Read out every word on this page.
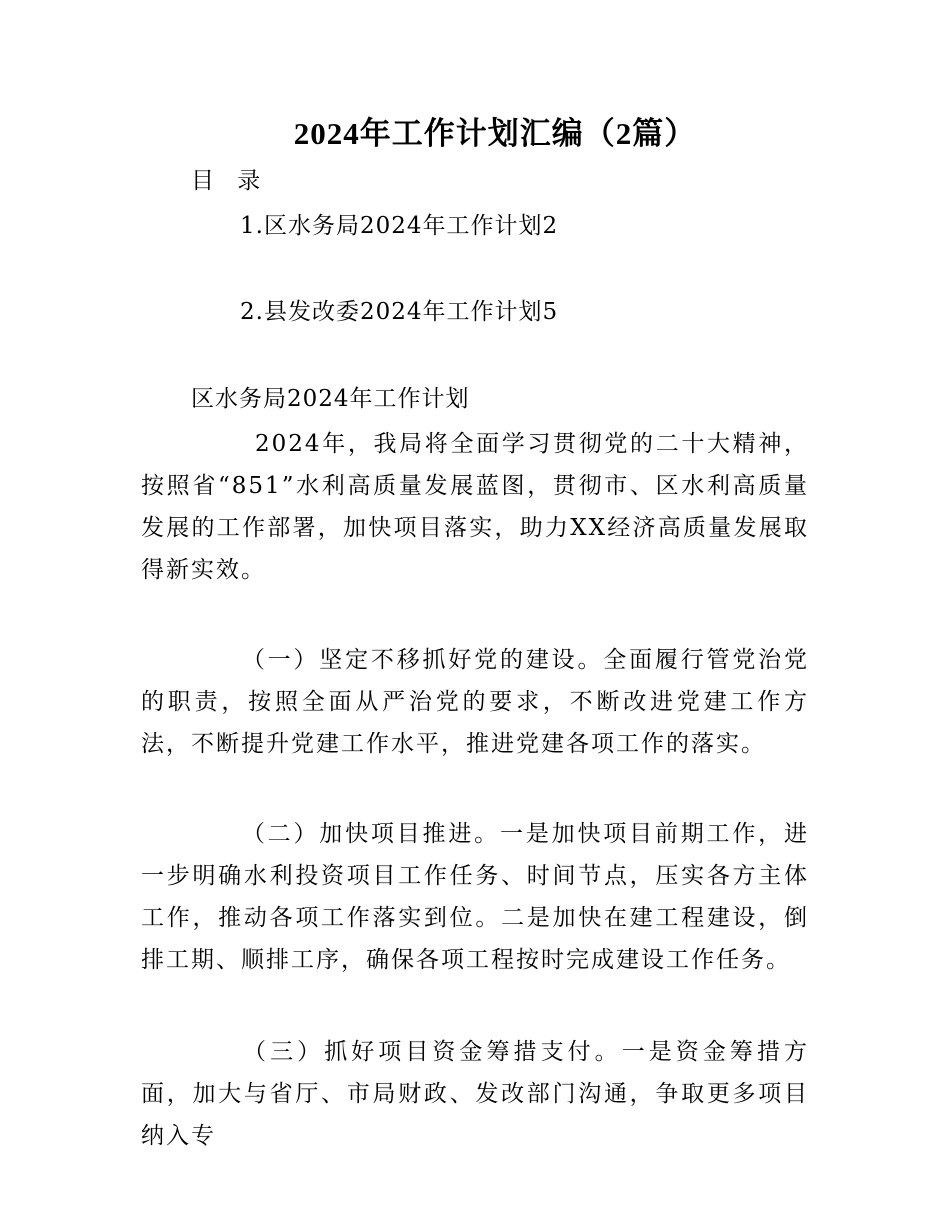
2024年工作计划汇编（2篇）
目 录
1.区水务局2024年工作计划2
2.县发改委2024年工作计划5
区水务局2024年工作计划

2024年，我局将全面学习贯彻党的二十大精神，按照省“851”水利高质量发展蓝图，贯彻市、区水利高质量发展的工作部署，加快项目落实，助力XX经济高质量发展取得新实效。

（一）坚定不移抓好党的建设。全面履行管党治党的职责，按照全面从严治党的要求，不断改进党建工作方法，不断提升党建工作水平，推进党建各项工作的落实。

（二）加快项目推进。一是加快项目前期工作，进一步明确水利投资项目工作任务、时间节点，压实各方主体工作，推动各项工作落实到位。二是加快在建工程建设，倒排工期、顺排工序，确保各项工程按时完成建设工作任务。

（三）抓好项目资金筹措支付。一是资金筹措方面，加大与省厅、市局财政、发改部门沟通，争取更多项目纳入专
